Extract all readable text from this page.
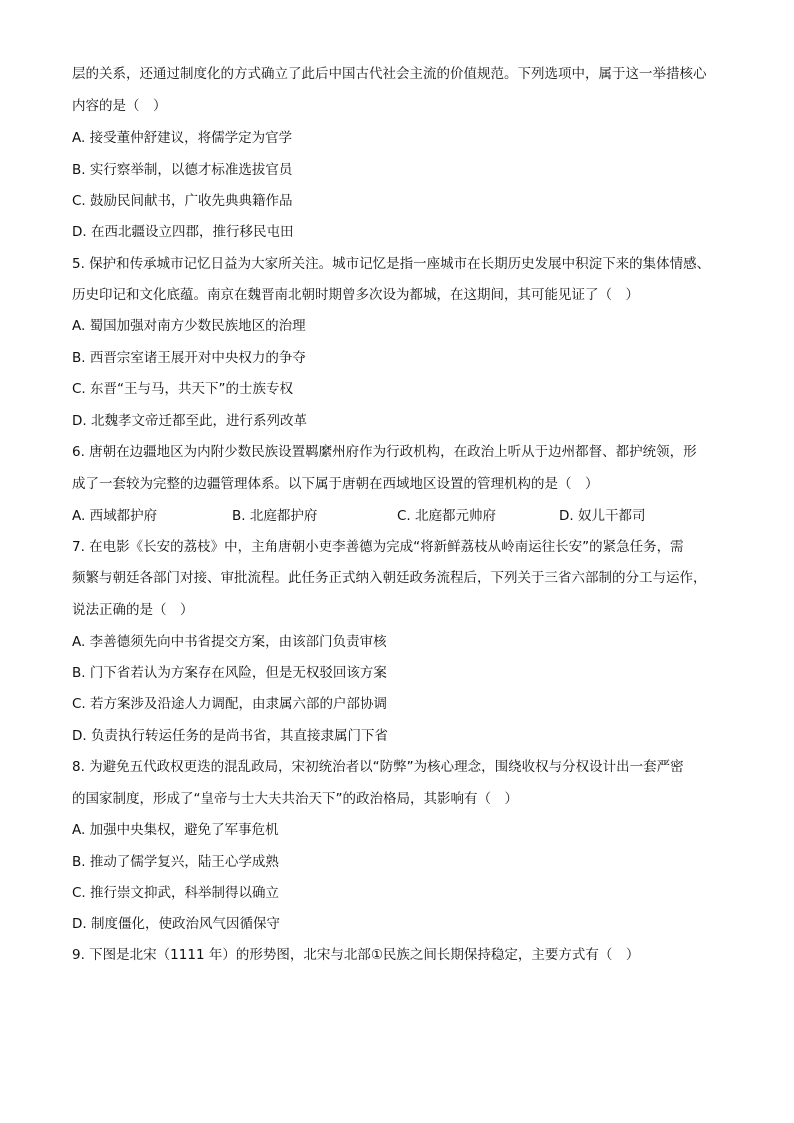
层的关系，还通过制度化的方式确立了此后中国古代社会主流的价值规范。下列选项中，属于这一举措核心
内容的是（　）
A. 接受董仲舒建议，将儒学定为官学
B. 实行察举制，以德才标准选拔官员
C. 鼓励民间献书，广收先典典籍作品
D. 在西北疆设立四郡，推行移民屯田
5. 保护和传承城市记忆日益为大家所关注。城市记忆是指一座城市在长期历史发展中积淀下来的集体情感、
历史印记和文化底蕴。南京在魏晋南北朝时期曾多次设为都城，在这期间，其可能见证了（　）
A. 蜀国加强对南方少数民族地区的治理
B. 西晋宗室诸王展开对中央权力的争夺
C. 东晋“王与马，共天下”的士族专权
D. 北魏孝文帝迁都至此，进行系列改革
6. 唐朝在边疆地区为内附少数民族设置羁縻州府作为行政机构，在政治上听从于边州都督、都护统领，形
成了一套较为完整的边疆管理体系。以下属于唐朝在西域地区设置的管理机构的是（　）
A. 西域都护府	B. 北庭都护府	C. 北庭都元帅府	D. 奴儿干都司
7. 在电影《长安的荔枝》中，主角唐朝小吏李善德为完成“将新鲜荔枝从岭南运往长安”的紧急任务，需
频繁与朝廷各部门对接、审批流程。此任务正式纳入朝廷政务流程后，下列关于三省六部制的分工与运作，
说法正确的是（　）
A. 李善德须先向中书省提交方案，由该部门负责审核
B. 门下省若认为方案存在风险，但是无权驳回该方案
C. 若方案涉及沿途人力调配，由隶属六部的户部协调
D. 负责执行转运任务的是尚书省，其直接隶属门下省
8. 为避免五代政权更迭的混乱政局，宋初统治者以“防弊”为核心理念，围绕收权与分权设计出一套严密
的国家制度，形成了“皇帝与士大夫共治天下”的政治格局，其影响有（　）
A. 加强中央集权，避免了军事危机
B. 推动了儒学复兴，陆王心学成熟
C. 推行崇文抑武，科举制得以确立
D. 制度僵化，使政治风气因循保守
9. 下图是北宋（1111 年）的形势图，北宋与北部①民族之间长期保持稳定，主要方式有（　）
